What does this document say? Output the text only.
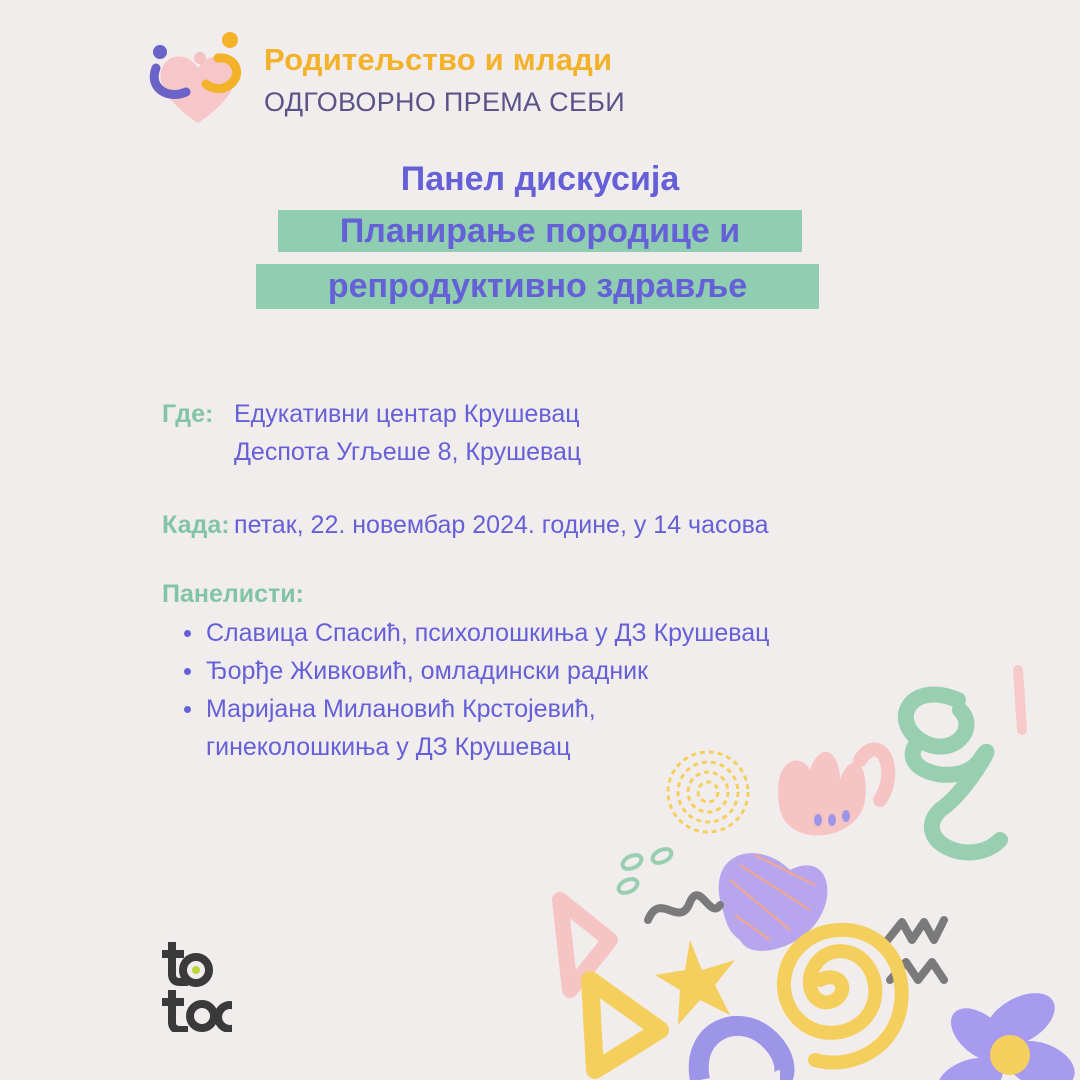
Родитељство и млади
ОДГОВОРНО ПРЕМА СЕБИ
Панел дискусија
Планирање породице и
репродуктивно здравље
Где: Едукативни центар Крушевац
Деспота Угљеше 8, Крушевац
Када: петак, 22. новембар 2024. године, у 14 часова
Панелисти:
Славица Спасић, психолошкиња у ДЗ Крушевац
Ђорђе Живковић, омладински радник
Маријана Милановић Крстојевић,
гинеколошкиња у ДЗ Крушевац
